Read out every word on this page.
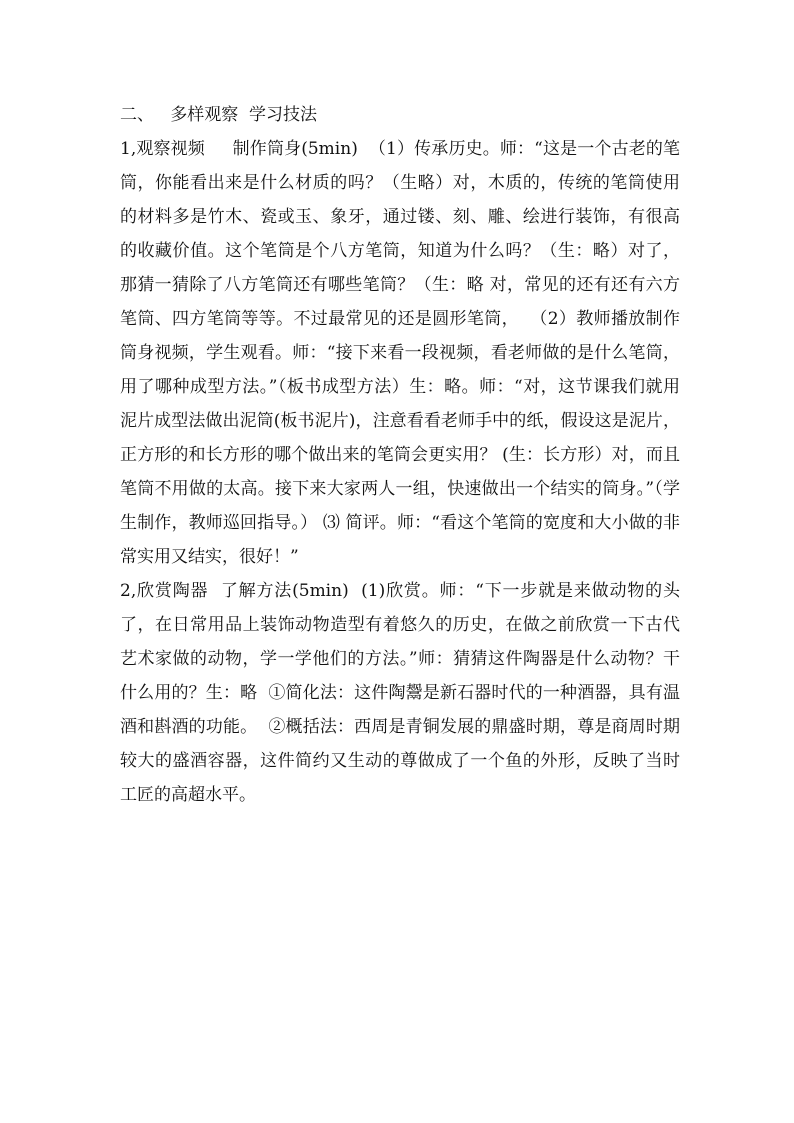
二、   多样观察  学习技法

1,观察视频     制作筒身(5min)  （1）传承历史。师：“这是一个古老的笔筒，你能看出来是什么材质的吗？（生略）对，木质的，传统的笔筒使用的材料多是竹木、瓷或玉、象牙，通过镂、刻、雕、绘进行装饰，有很高的收藏价值。这个笔筒是个八方笔筒，知道为什么吗？（生：略）对了，那猜一猜除了八方笔筒还有哪些笔筒？（生：略 对，常见的还有还有六方笔筒、四方笔筒等等。不过最常见的还是圆形笔筒，  （2）教师播放制作筒身视频，学生观看。师：“接下来看一段视频，看老师做的是什么笔筒，用了哪种成型方法。”（板书成型方法）生：略。师：“对，这节课我们就用泥片成型法做出泥筒(板书泥片)，注意看看老师手中的纸，假设这是泥片，正方形的和长方形的哪个做出来的笔筒会更实用？ (生：长方形）对，而且笔筒不用做的太高。接下来大家两人一组，快速做出一个结实的筒身。”（学生制作，教师巡回指导。） ⑶ 简评。师：“看这个笔筒的宽度和大小做的非常实用又结实，很好！”

2,欣赏陶器  了解方法(5min)  (1)欣赏。师：“下一步就是来做动物的头了，在日常用品上装饰动物造型有着悠久的历史，在做之前欣赏一下古代艺术家做的动物，学一学他们的方法。”师：猜猜这件陶器是什么动物？干什么用的？生：略  ①简化法：这件陶鬶是新石器时代的一种酒器，具有温酒和斟酒的功能。  ②概括法：西周是青铜发展的鼎盛时期，尊是商周时期较大的盛酒容器，这件简约又生动的尊做成了一个鱼的外形，反映了当时工匠的高超水平。
